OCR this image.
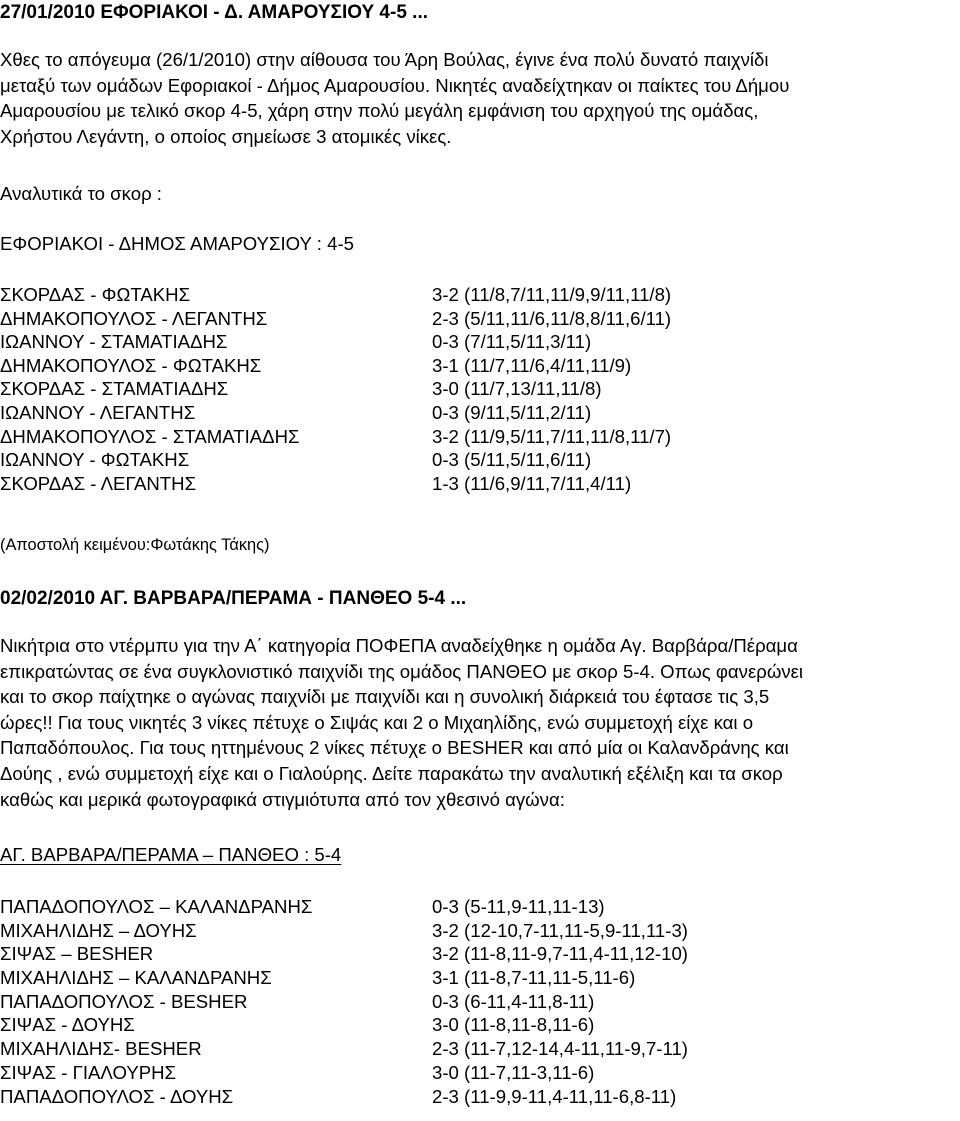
27/01/2010 ΕΦΟΡΙΑΚΟΙ - Δ. ΑΜΑΡΟΥΣΙΟΥ 4-5 ...
Χθες το απόγευμα (26/1/2010) στην αίθουσα του Άρη Βούλας, έγινε ένα πολύ δυνατό παιχνίδι
μεταξύ των ομάδων Εφοριακοί - Δήμος Αμαρουσίου. Νικητές αναδείχτηκαν οι παίκτες του Δήμου
Αμαρουσίου με τελικό σκορ 4-5, χάρη στην πολύ μεγάλη εμφάνιση του αρχηγού της ομάδας,
Χρήστου Λεγάντη, ο οποίος σημείωσε 3 ατομικές νίκες.
Αναλυτικά το σκορ :
ΕΦΟΡΙΑΚΟΙ - ΔΗΜΟΣ ΑΜΑΡΟΥΣΙΟΥ : 4-5
ΣΚΟΡΔΑΣ - ΦΩΤΑΚΗΣ	3-2 (11/8,7/11,11/9,9/11,11/8)
ΔΗΜΑΚΟΠΟΥΛΟΣ - ΛΕΓΑΝΤΗΣ	2-3 (5/11,11/6,11/8,8/11,6/11)
ΙΩΑΝΝΟΥ - ΣΤΑΜΑΤΙΑΔΗΣ	0-3 (7/11,5/11,3/11)
ΔΗΜΑΚΟΠΟΥΛΟΣ - ΦΩΤΑΚΗΣ	3-1 (11/7,11/6,4/11,11/9)
ΣΚΟΡΔΑΣ - ΣΤΑΜΑΤΙΑΔΗΣ	3-0 (11/7,13/11,11/8)
ΙΩΑΝΝΟΥ - ΛΕΓΑΝΤΗΣ	0-3 (9/11,5/11,2/11)
ΔΗΜΑΚΟΠΟΥΛΟΣ - ΣΤΑΜΑΤΙΑΔΗΣ	3-2 (11/9,5/11,7/11,11/8,11/7)
ΙΩΑΝΝΟΥ - ΦΩΤΑΚΗΣ	0-3 (5/11,5/11,6/11)
ΣΚΟΡΔΑΣ - ΛΕΓΑΝΤΗΣ	1-3 (11/6,9/11,7/11,4/11)
(Αποστολή κειμένου:Φωτάκης Τάκης)
02/02/2010 ΑΓ. ΒΑΡΒΑΡΑ/ΠΕΡΑΜΑ - ΠΑΝΘΕΟ 5-4 ...
Νικήτρια στο ντέρμπυ για την Α΄ κατηγορία ΠΟΦΕΠΑ αναδείχθηκε η ομάδα Αγ. Βαρβάρα/Πέραμα
επικρατώντας σε ένα συγκλονιστικό παιχνίδι της ομάδος ΠΑΝΘΕΟ με σκορ 5-4. Οπως φανερώνει
και το σκορ παίχτηκε ο αγώνας παιχνίδι με παιχνίδι και η συνολική διάρκειά του έφτασε τις 3,5
ώρες!! Για τους νικητές 3 νίκες πέτυχε ο Σιψάς και 2 ο Μιχαηλίδης, ενώ συμμετοχή είχε και ο
Παπαδόπουλος. Για τους ηττημένους 2 νίκες πέτυχε ο BESHER και από μία οι Καλανδράνης και
Δούης , ενώ συμμετοχή είχε και ο Γιαλούρης. Δείτε παρακάτω την αναλυτική εξέλιξη και τα σκορ
καθώς και μερικά φωτογραφικά στιγμιότυπα από τον χθεσινό αγώνα:
ΑΓ. ΒΑΡΒΑΡΑ/ΠΕΡΑΜΑ – ΠΑΝΘΕΟ : 5-4
ΠΑΠΑΔΟΠΟΥΛΟΣ – ΚΑΛΑΝΔΡΑΝΗΣ	0-3 (5-11,9-11,11-13)
ΜΙΧΑΗΛΙΔΗΣ – ΔΟΥΗΣ	3-2 (12-10,7-11,11-5,9-11,11-3)
ΣΙΨΑΣ – BESHER	3-2 (11-8,11-9,7-11,4-11,12-10)
ΜΙΧΑΗΛΙΔΗΣ – ΚΑΛΑΝΔΡΑΝΗΣ	3-1 (11-8,7-11,11-5,11-6)
ΠΑΠΑΔΟΠΟΥΛΟΣ - BESHER	0-3 (6-11,4-11,8-11)
ΣΙΨΑΣ - ΔΟΥΗΣ	3-0 (11-8,11-8,11-6)
ΜΙΧΑΗΛΙΔΗΣ- BESHER	2-3 (11-7,12-14,4-11,11-9,7-11)
ΣΙΨΑΣ - ΓΙΑΛΟΥΡΗΣ	3-0 (11-7,11-3,11-6)
ΠΑΠΑΔΟΠΟΥΛΟΣ - ΔΟΥΗΣ	2-3 (11-9,9-11,4-11,11-6,8-11)
